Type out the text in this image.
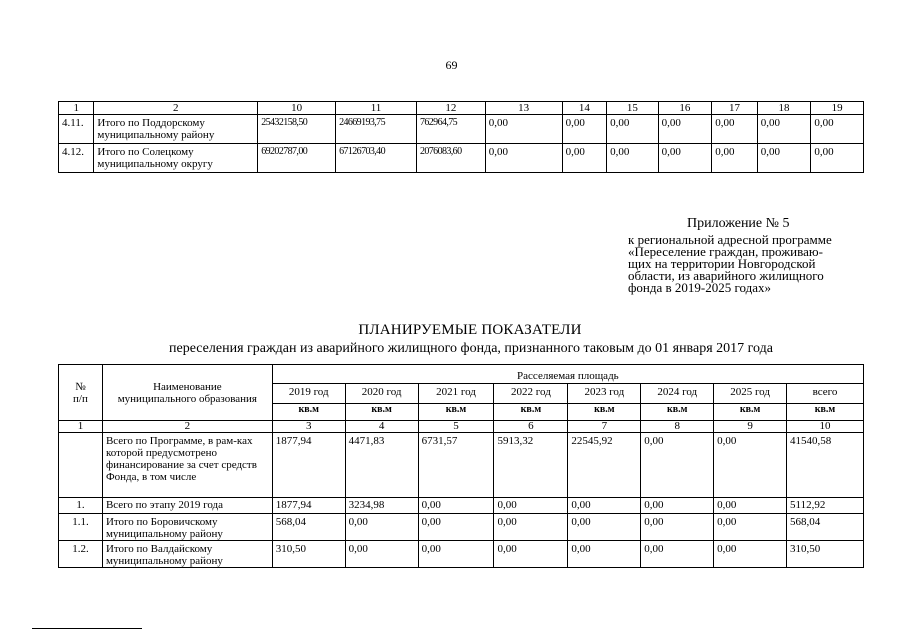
69
1	2	10	11	12	13	14	15	16	17	18	19
4.11.	Итого по Поддорскому муниципальному району	25432158,50	24669193,75	762964,75	0,00	0,00	0,00	0,00	0,00	0,00	0,00
4.12.	Итого по Солецкому муниципальному округу	69202787,00	67126703,40	2076083,60	0,00	0,00	0,00	0,00	0,00	0,00	0,00
Приложение № 5
к региональной адресной программе
«Переселение граждан, проживаю-
щих на территории Новгородской
области, из аварийного жилищного
фонда в 2019-2025 годах»
ПЛАНИРУЕМЫЕ ПОКАЗАТЕЛИ
переселения граждан из аварийного жилищного фонда, признанного таковым до 01 января 2017 года
№
п/п	Наименование муниципального образования	Расселяемая площадь							
		2019 год	2020 год	2021 год	2022 год	2023 год	2024 год	2025 год	всего
		кв.м	кв.м	кв.м	кв.м	кв.м	кв.м	кв.м	кв.м
1	2	3	4	5	6	7	8	9	10
	Всего по Программе, в рам-ках которой предусмотрено финансирование за счет средств Фонда, в том числе	1877,94	4471,83	6731,57	5913,32	22545,92	0,00	0,00	41540,58
1.	Всего по этапу 2019 года	1877,94	3234,98	0,00	0,00	0,00	0,00	0,00	5112,92
1.1.	Итого по Боровичскому муниципальному району	568,04	0,00	0,00	0,00	0,00	0,00	0,00	568,04
1.2.	Итого по Валдайскому муниципальному району	310,50	0,00	0,00	0,00	0,00	0,00	0,00	310,50
